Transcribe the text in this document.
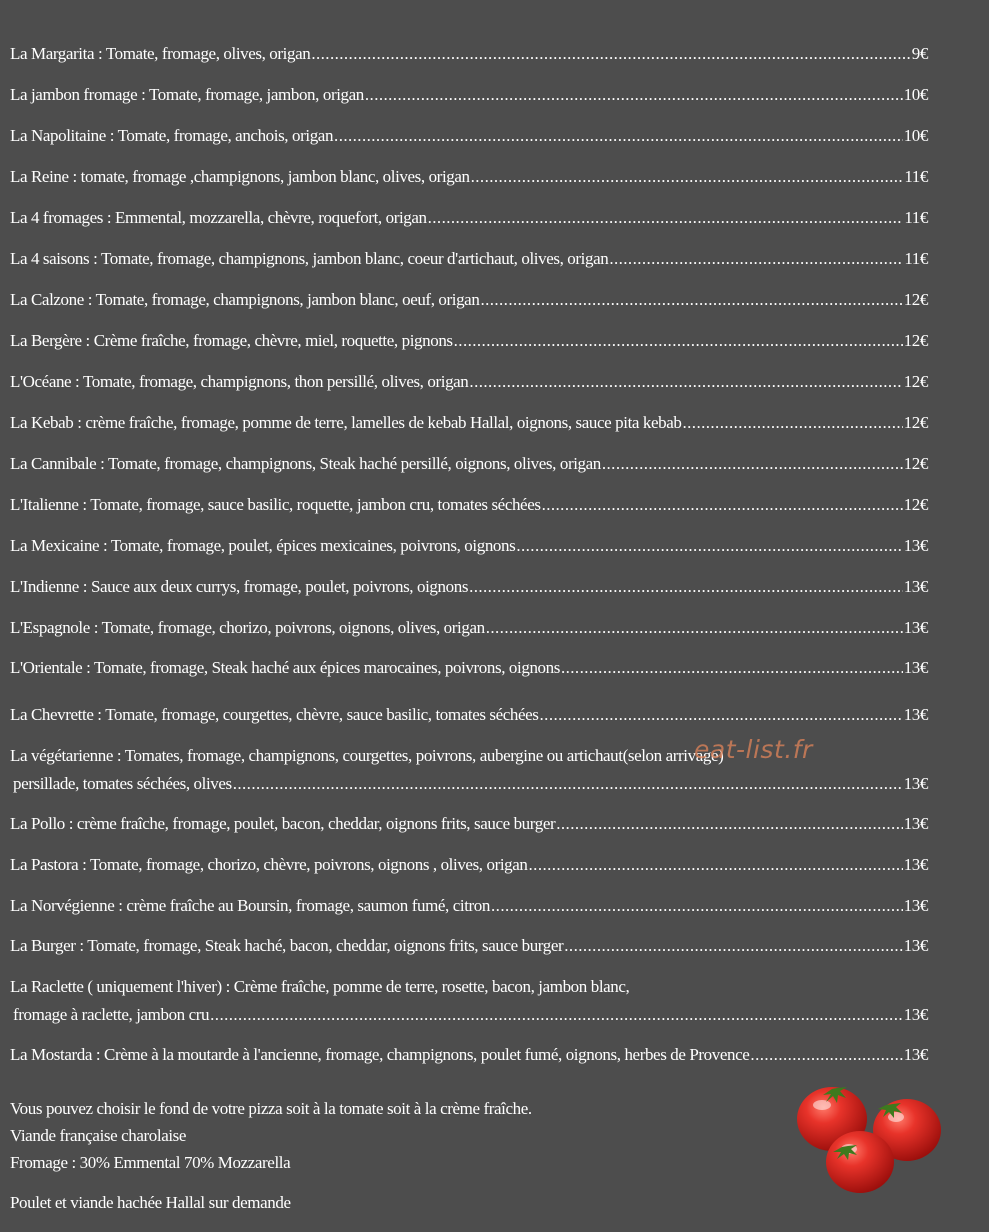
La Margarita : Tomate, fromage, olives, origan .....	9€
La jambon fromage : Tomate, fromage, jambon, origan .....	10€
La Napolitaine : Tomate, fromage, anchois, origan .....	10€
La Reine : tomate, fromage ,champignons, jambon blanc, olives, origan .....	11€
La 4 fromages : Emmental, mozzarella, chèvre, roquefort, origan .....	11€
La 4 saisons : Tomate, fromage, champignons, jambon blanc, coeur d'artichaut, olives, origan .....	11€
La Calzone : Tomate, fromage, champignons, jambon blanc, oeuf, origan .....	12€
La Bergère : Crème fraîche, fromage, chèvre, miel, roquette, pignons .....	12€
L'Océane : Tomate, fromage, champignons, thon persillé, olives, origan .....	12€
La Kebab : crème fraîche, fromage, pomme de terre, lamelles de kebab Hallal, oignons, sauce pita kebab .....	12€
La Cannibale : Tomate, fromage, champignons, Steak haché persillé, oignons, olives, origan .....	12€
L'Italienne : Tomate, fromage, sauce basilic, roquette, jambon cru, tomates séchées .....	12€
La Mexicaine : Tomate, fromage, poulet, épices mexicaines, poivrons, oignons .....	13€
L'Indienne : Sauce aux deux currys, fromage, poulet, poivrons, oignons .....	13€
L'Espagnole : Tomate, fromage, chorizo, poivrons, oignons, olives, origan .....	13€
L'Orientale : Tomate, fromage, Steak haché aux épices marocaines, poivrons, oignons .....	13€
La Chevrette : Tomate, fromage, courgettes, chèvre, sauce basilic, tomates séchées .....	13€
La végétarienne : Tomates, fromage, champignons, courgettes, poivrons, aubergine ou artichaut(selon arrivage)
persillade, tomates séchées, olives .....	13€
La Pollo : crème fraîche, fromage, poulet, bacon, cheddar, oignons frits, sauce burger .....	13€
La Pastora : Tomate, fromage, chorizo, chèvre, poivrons, oignons , olives, origan .....	13€
La Norvégienne : crème fraîche au Boursin, fromage, saumon fumé, citron .....	13€
La Burger : Tomate, fromage, Steak haché, bacon, cheddar, oignons frits, sauce burger .....	13€
La Raclette ( uniquement l'hiver) : Crème fraîche, pomme de terre, rosette, bacon, jambon blanc,
fromage à raclette, jambon cru .....	13€
La Mostarda : Crème à la moutarde à l'ancienne, fromage, champignons, poulet fumé, oignons, herbes de Provence .....	13€
eat-list.fr
Vous pouvez choisir le fond de votre pizza soit à la tomate soit à la crème fraîche.
Viande française charolaise
Fromage : 30% Emmental 70% Mozzarella
Poulet et viande hachée Hallal sur demande
